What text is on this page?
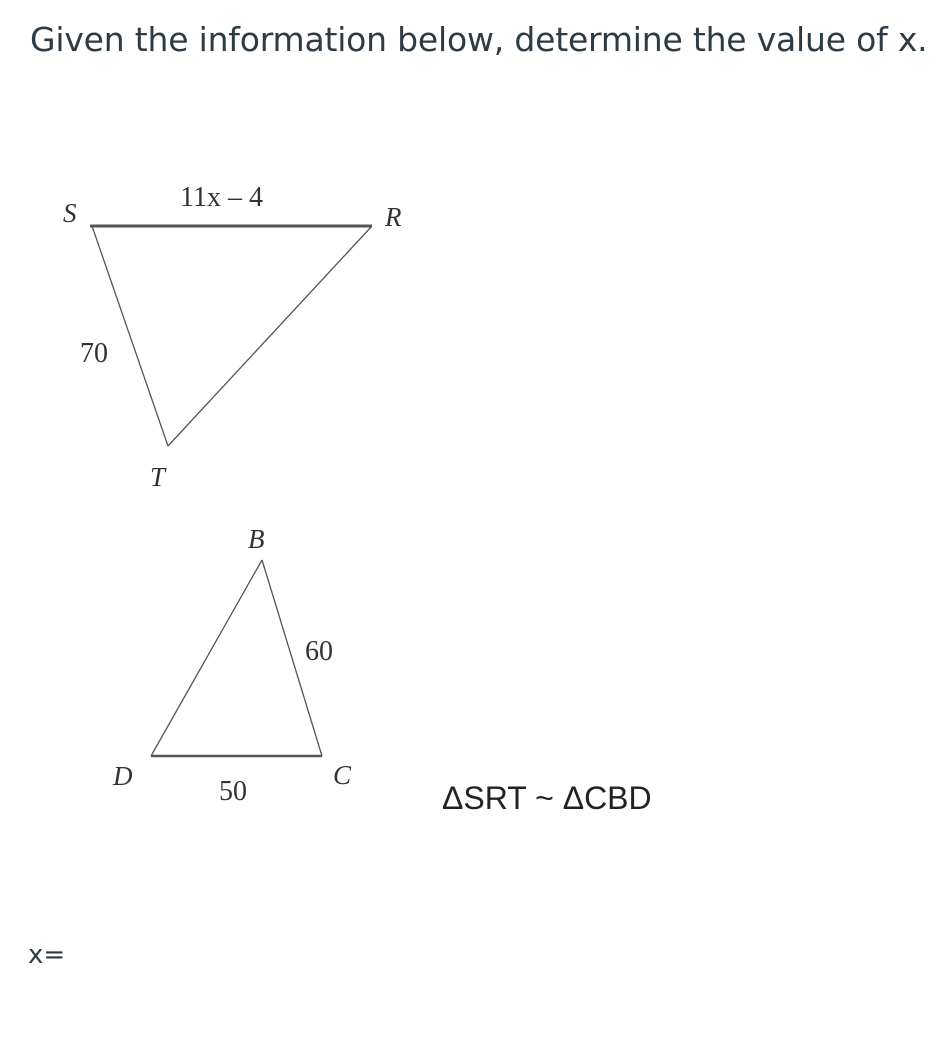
Given the information below, determine the value of x.
S	R
T
11x – 4
70
B
D	C
60
50	ΔSRT ~ ΔCBD
x=
